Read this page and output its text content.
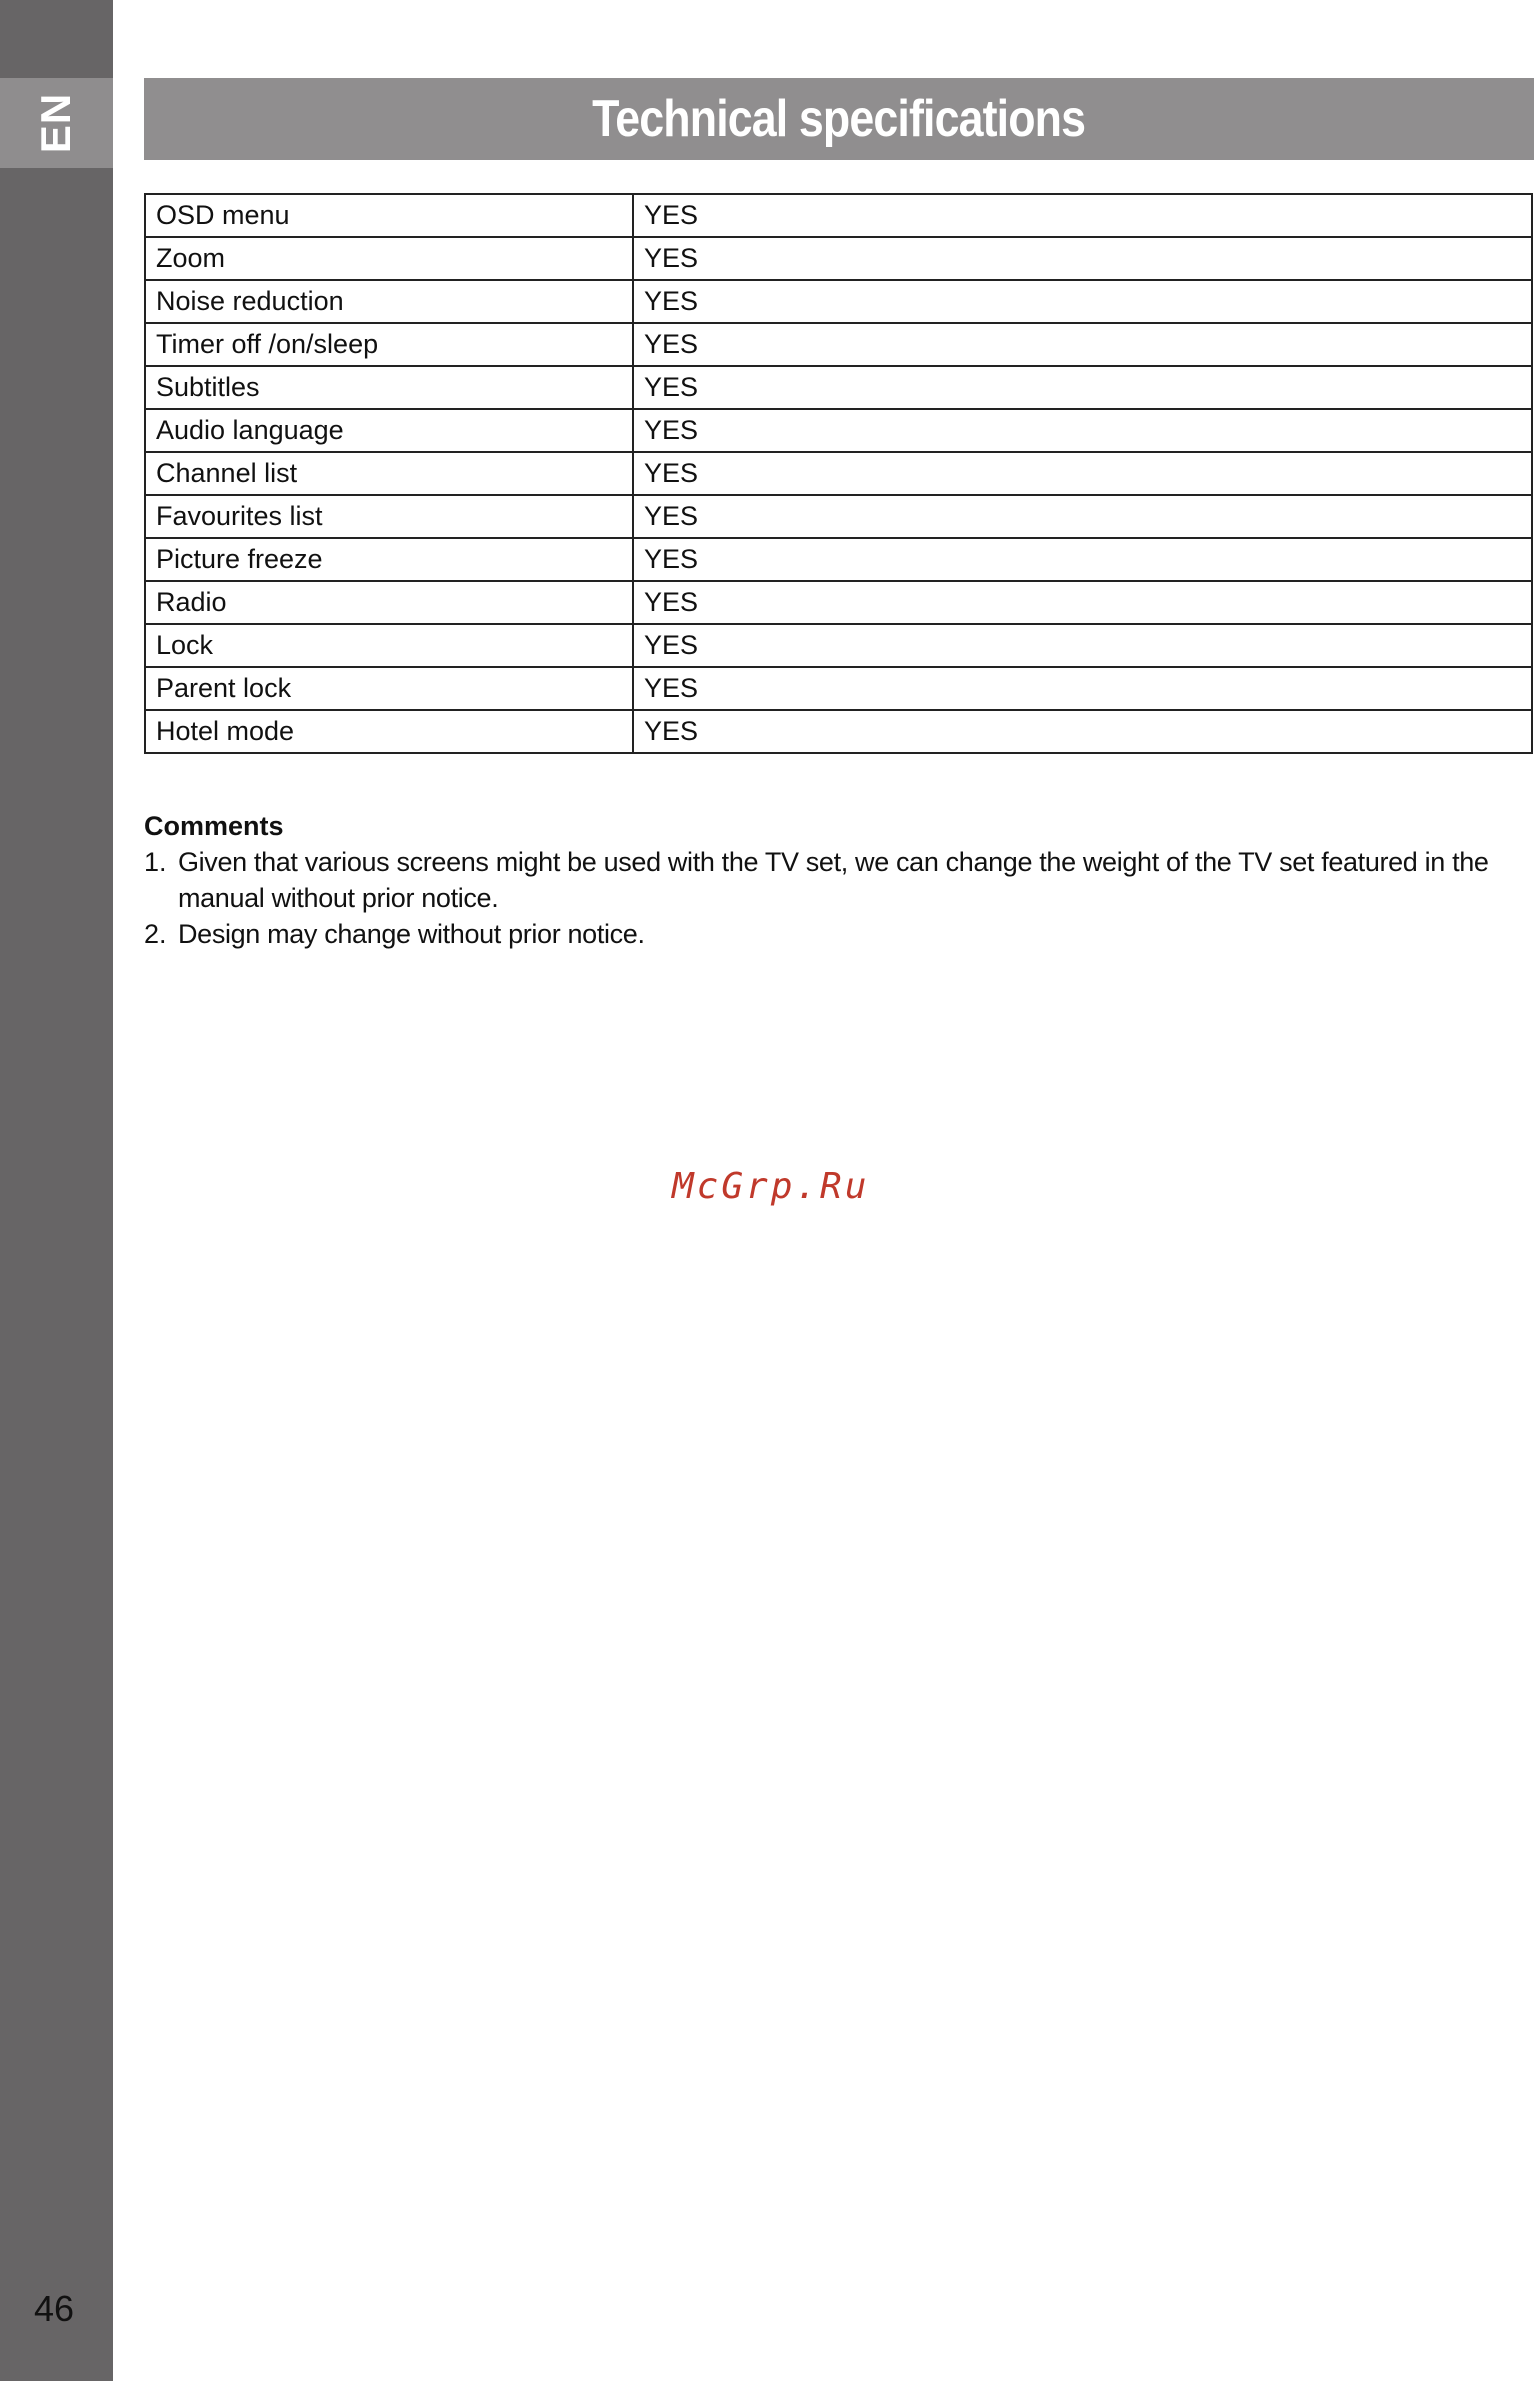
EN
46
Technical specifications
OSD menu	YES
Zoom	YES
Noise reduction	YES
Timer off /on/sleep	YES
Subtitles	YES
Audio language	YES
Channel list	YES
Favourites list	YES
Picture freeze	YES
Radio	YES
Lock	YES
Parent lock	YES
Hotel mode	YES
Comments
1. Given that various screens might be used with the TV set, we can change the weight of the TV set featured in the manual without prior notice.
2. Design may change without prior notice.
McGrp.Ru
